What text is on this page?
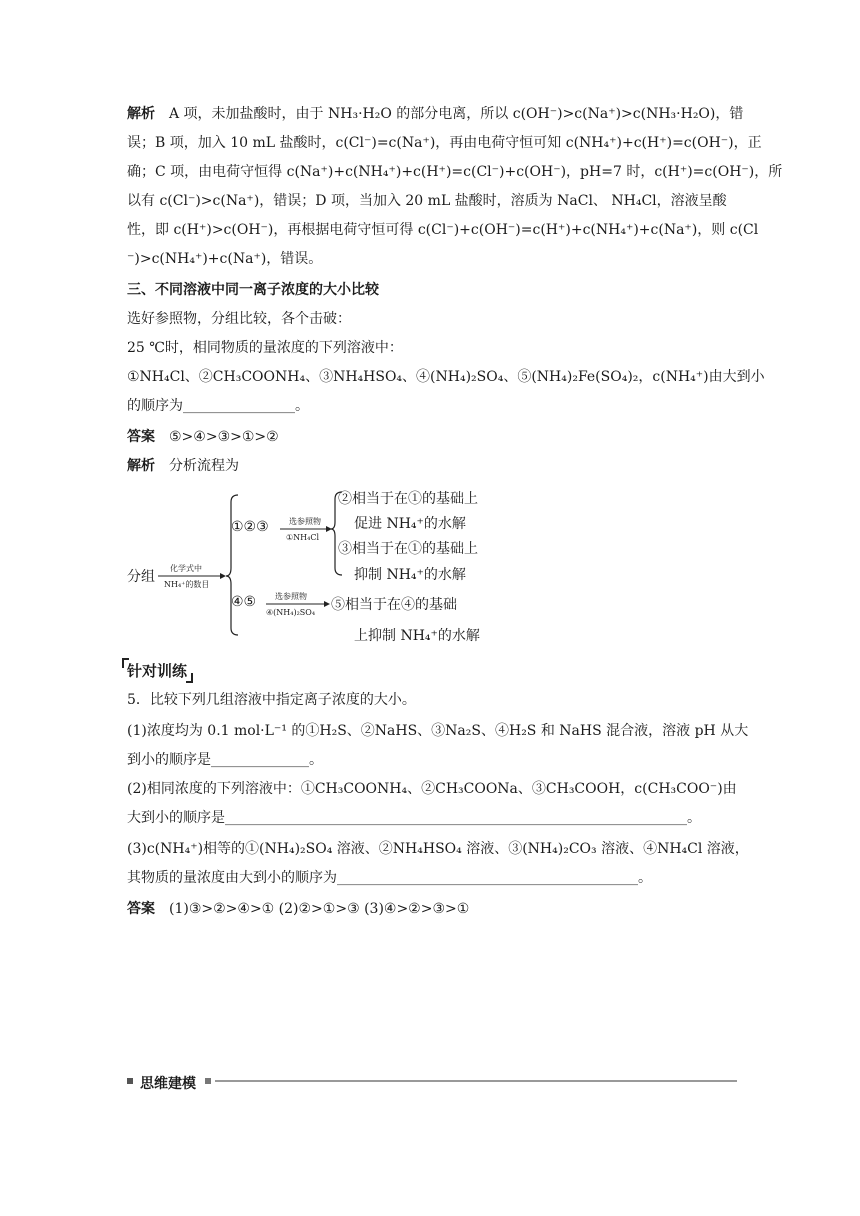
解析 A 项，未加盐酸时，由于 NH₃·H₂O 的部分电离，所以 c(OH⁻)>c(Na⁺)>c(NH₃·H₂O)，错
误；B 项，加入 10 mL 盐酸时，c(Cl⁻)=c(Na⁺)，再由电荷守恒可知 c(NH₄⁺)+c(H⁺)=c(OH⁻)，正
确；C 项，由电荷守恒得 c(Na⁺)+c(NH₄⁺)+c(H⁺)=c(Cl⁻)+c(OH⁻)，pH=7 时，c(H⁺)=c(OH⁻)，所
以有 c(Cl⁻)>c(Na⁺)，错误；D 项，当加入 20 mL 盐酸时，溶质为 NaCl、 NH₄Cl，溶液呈酸
性，即 c(H⁺)>c(OH⁻)，再根据电荷守恒可得 c(Cl⁻)+c(OH⁻)=c(H⁺)+c(NH₄⁺)+c(Na⁺)，则 c(Cl
⁻)>c(NH₄⁺)+c(Na⁺)，错误。
三、不同溶液中同一离子浓度的大小比较
选好参照物，分组比较，各个击破：
25 ℃时，相同物质的量浓度的下列溶液中：
①NH₄Cl、②CH₃COONH₄、③NH₄HSO₄、④(NH₄)₂SO₄、⑤(NH₄)₂Fe(SO₄)₂，c(NH₄⁺)由大到小
的顺序为________________。
答案 ⑤>④>③>①>②
解析 分析流程为
分组
化学式中
NH₄⁺的数目
①②③	选参照物
①NH₄Cl
②相当于在①的基础上
促进 NH₄⁺的水解
③相当于在①的基础上
抑制 NH₄⁺的水解
④⑤ 选参照物
④(NH₄)₂SO₄ ⑤相当于在④的基础
上抑制 NH₄⁺的水解
针对训练
5．比较下列几组溶液中指定离子浓度的大小。
(1)浓度均为 0.1 mol·L⁻¹ 的①H₂S、②NaHS、③Na₂S、④H₂S 和 NaHS 混合液，溶液 pH 从大
到小的顺序是______________。
(2)相同浓度的下列溶液中：①CH₃COONH₄、②CH₃COONa、③CH₃COOH，c(CH₃COO⁻)由
大到小的顺序是__________________________________________________________________。
(3)c(NH₄⁺)相等的①(NH₄)₂SO₄ 溶液、②NH₄HSO₄ 溶液、③(NH₄)₂CO₃ 溶液、④NH₄Cl 溶液，
其物质的量浓度由大到小的顺序为___________________________________________。
答案 (1)③>②>④>① (2)②>①>③ (3)④>②>③>①
思维建模
